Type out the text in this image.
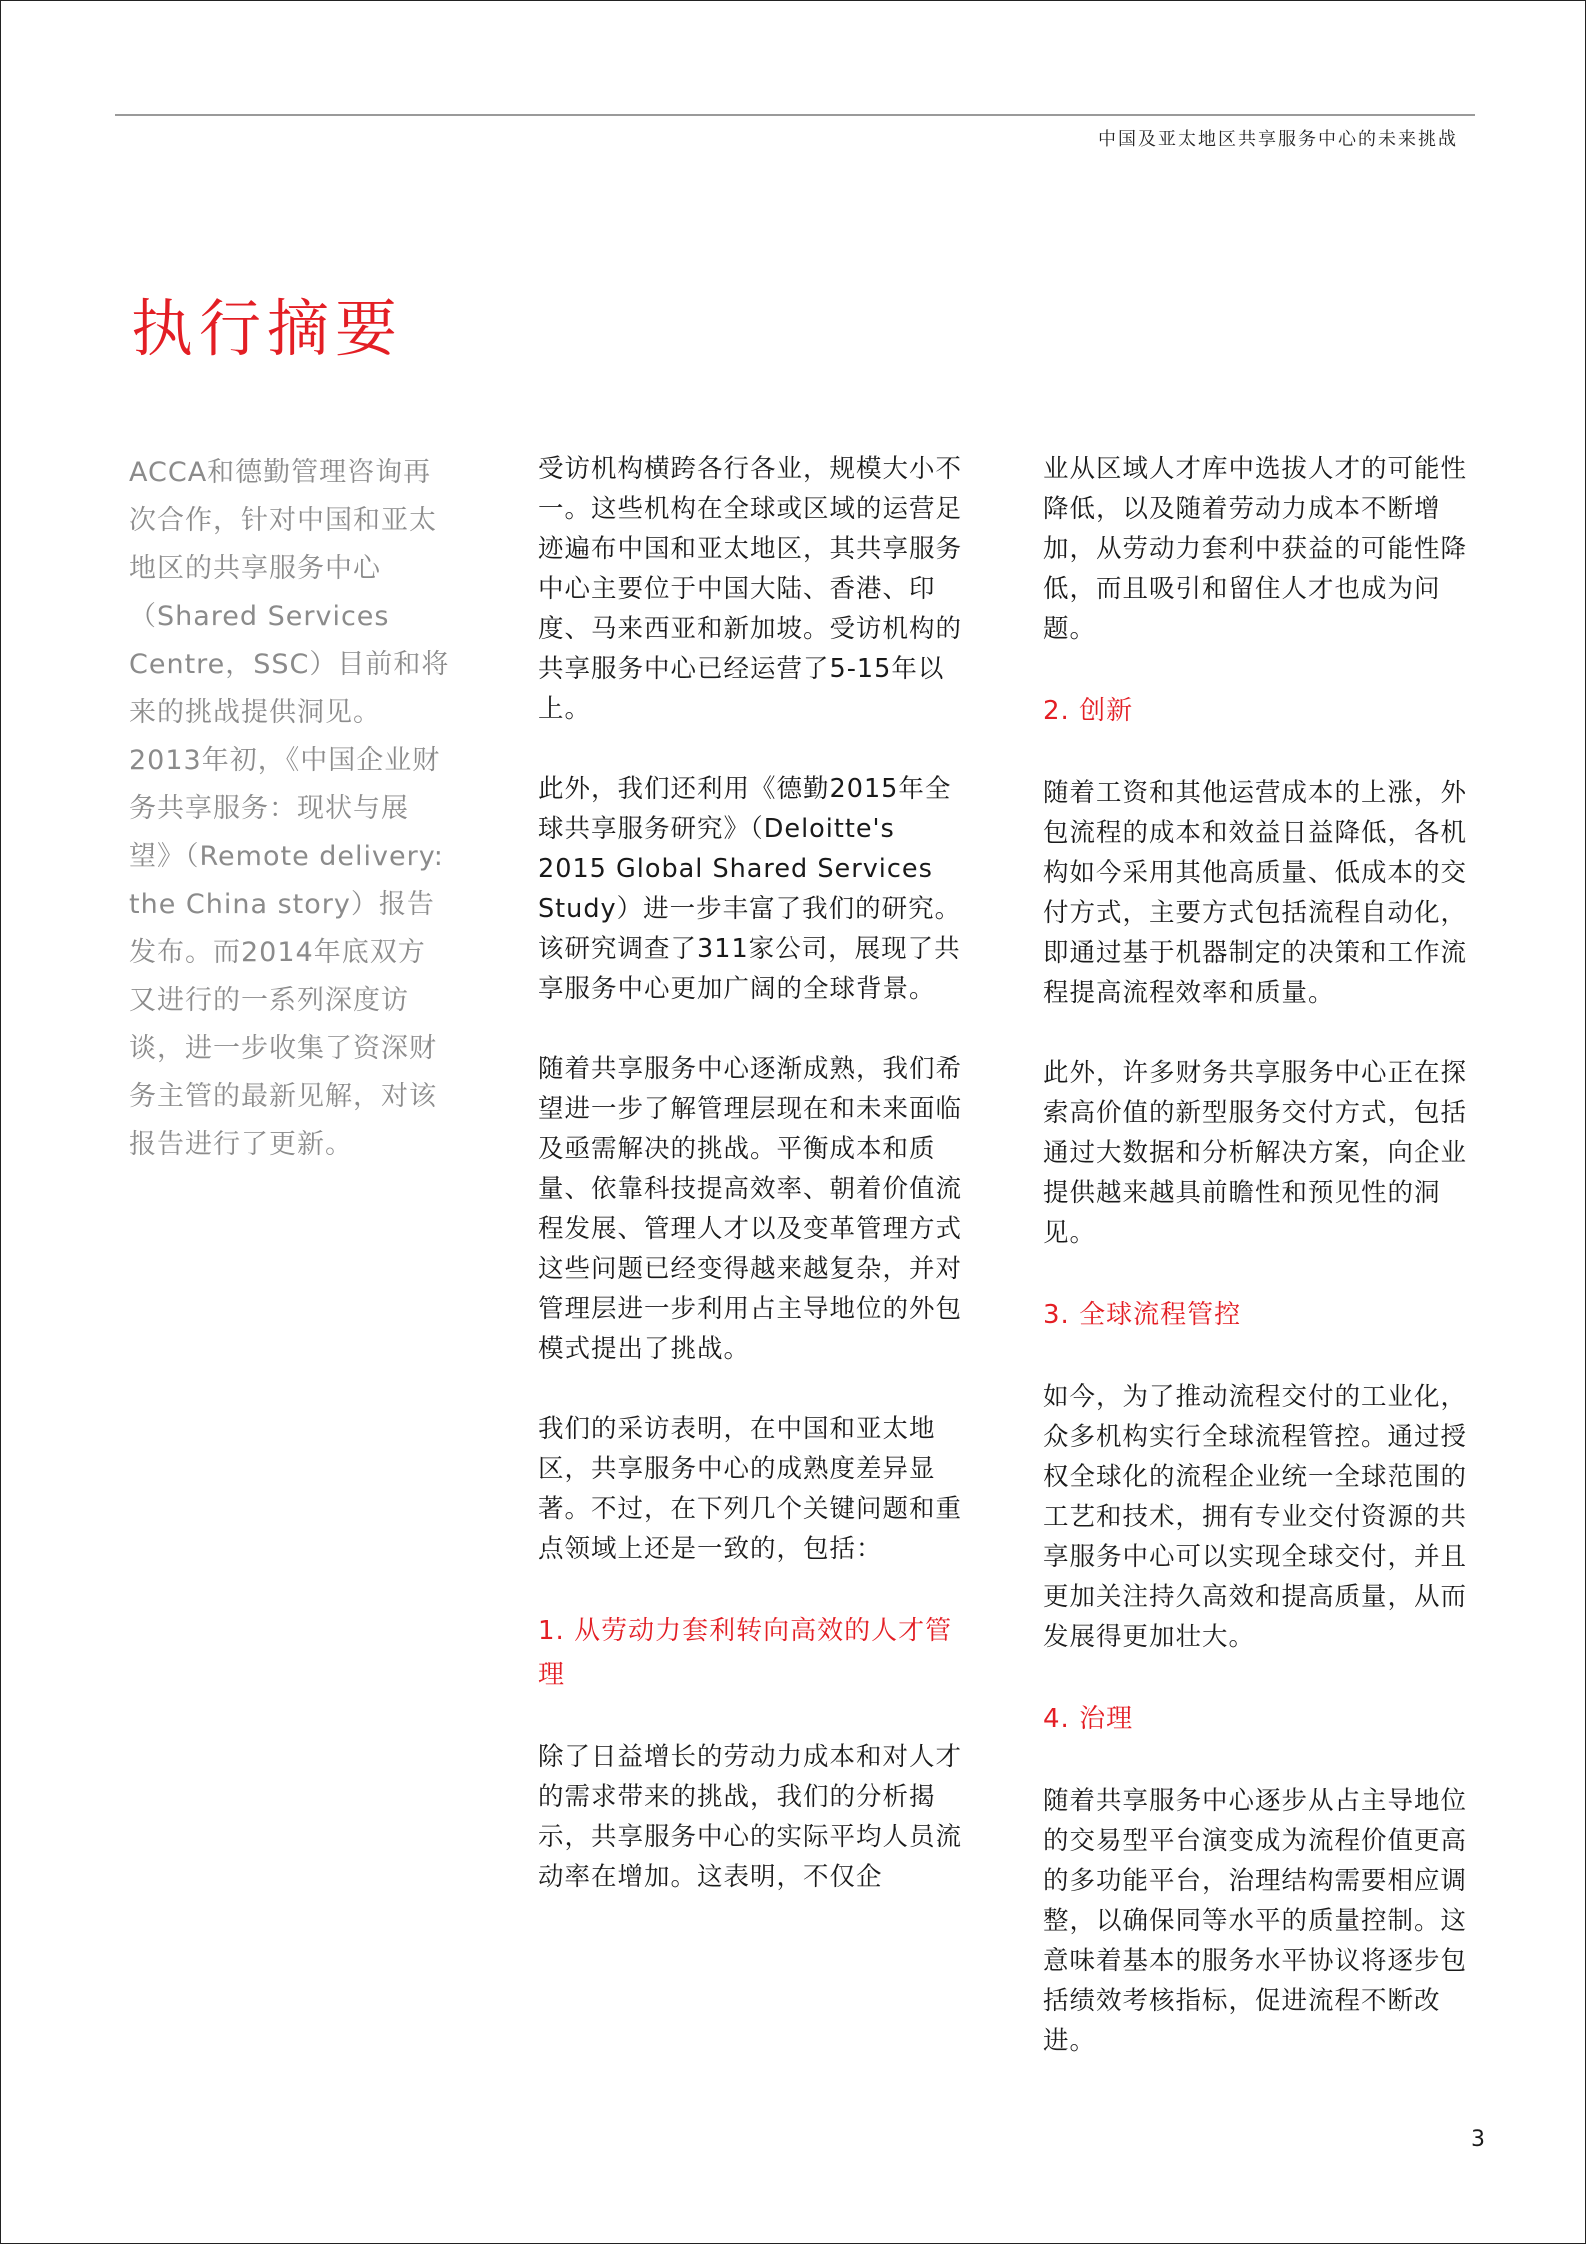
中国及亚太地区共享服务中心的未来挑战
执行摘要

ACCA和德勤管理咨询再次合作，针对中国和亚太地区的共享服务中心（Shared Services Centre，SSC）目前和将来的挑战提供洞见。2013年初，《中国企业财务共享服务：现状与展望》（Remote delivery: the China story）报告发布。而2014年底双方又进行的一系列深度访谈，进一步收集了资深财务主管的最新见解，对该报告进行了更新。

受访机构横跨各行各业，规模大小不一。这些机构在全球或区域的运营足迹遍布中国和亚太地区，其共享服务中心主要位于中国大陆、香港、印度、马来西亚和新加坡。受访机构的共享服务中心已经运营了5-15年以上。

此外，我们还利用《德勤2015年全球共享服务研究》（Deloitte's 2015 Global Shared Services Study）进一步丰富了我们的研究。该研究调查了311家公司，展现了共享服务中心更加广阔的全球背景。

随着共享服务中心逐渐成熟，我们希望进一步了解管理层现在和未来面临及亟需解决的挑战。平衡成本和质量、依靠科技提高效率、朝着价值流程发展、管理人才以及变革管理方式这些问题已经变得越来越复杂，并对管理层进一步利用占主导地位的外包模式提出了挑战。

我们的采访表明，在中国和亚太地区，共享服务中心的成熟度差异显著。不过，在下列几个关键问题和重点领域上还是一致的，包括：

1. 从劳动力套利转向高效的人才管理

除了日益增长的劳动力成本和对人才的需求带来的挑战，我们的分析揭示，共享服务中心的实际平均人员流动率在增加。这表明，不仅企

业从区域人才库中选拔人才的可能性降低，以及随着劳动力成本不断增加，从劳动力套利中获益的可能性降低，而且吸引和留住人才也成为问题。

2. 创新

随着工资和其他运营成本的上涨，外包流程的成本和效益日益降低，各机构如今采用其他高质量、低成本的交付方式，主要方式包括流程自动化，即通过基于机器制定的决策和工作流程提高流程效率和质量。

此外，许多财务共享服务中心正在探索高价值的新型服务交付方式，包括通过大数据和分析解决方案，向企业提供越来越具前瞻性和预见性的洞见。

3. 全球流程管控

如今，为了推动流程交付的工业化，众多机构实行全球流程管控。通过授权全球化的流程企业统一全球范围的工艺和技术，拥有专业交付资源的共享服务中心可以实现全球交付，并且更加关注持久高效和提高质量，从而发展得更加壮大。

4. 治理

随着共享服务中心逐步从占主导地位的交易型平台演变成为流程价值更高的多功能平台，治理结构需要相应调整，以确保同等水平的质量控制。这意味着基本的服务水平协议将逐步包括绩效考核指标，促进流程不断改进。

3
